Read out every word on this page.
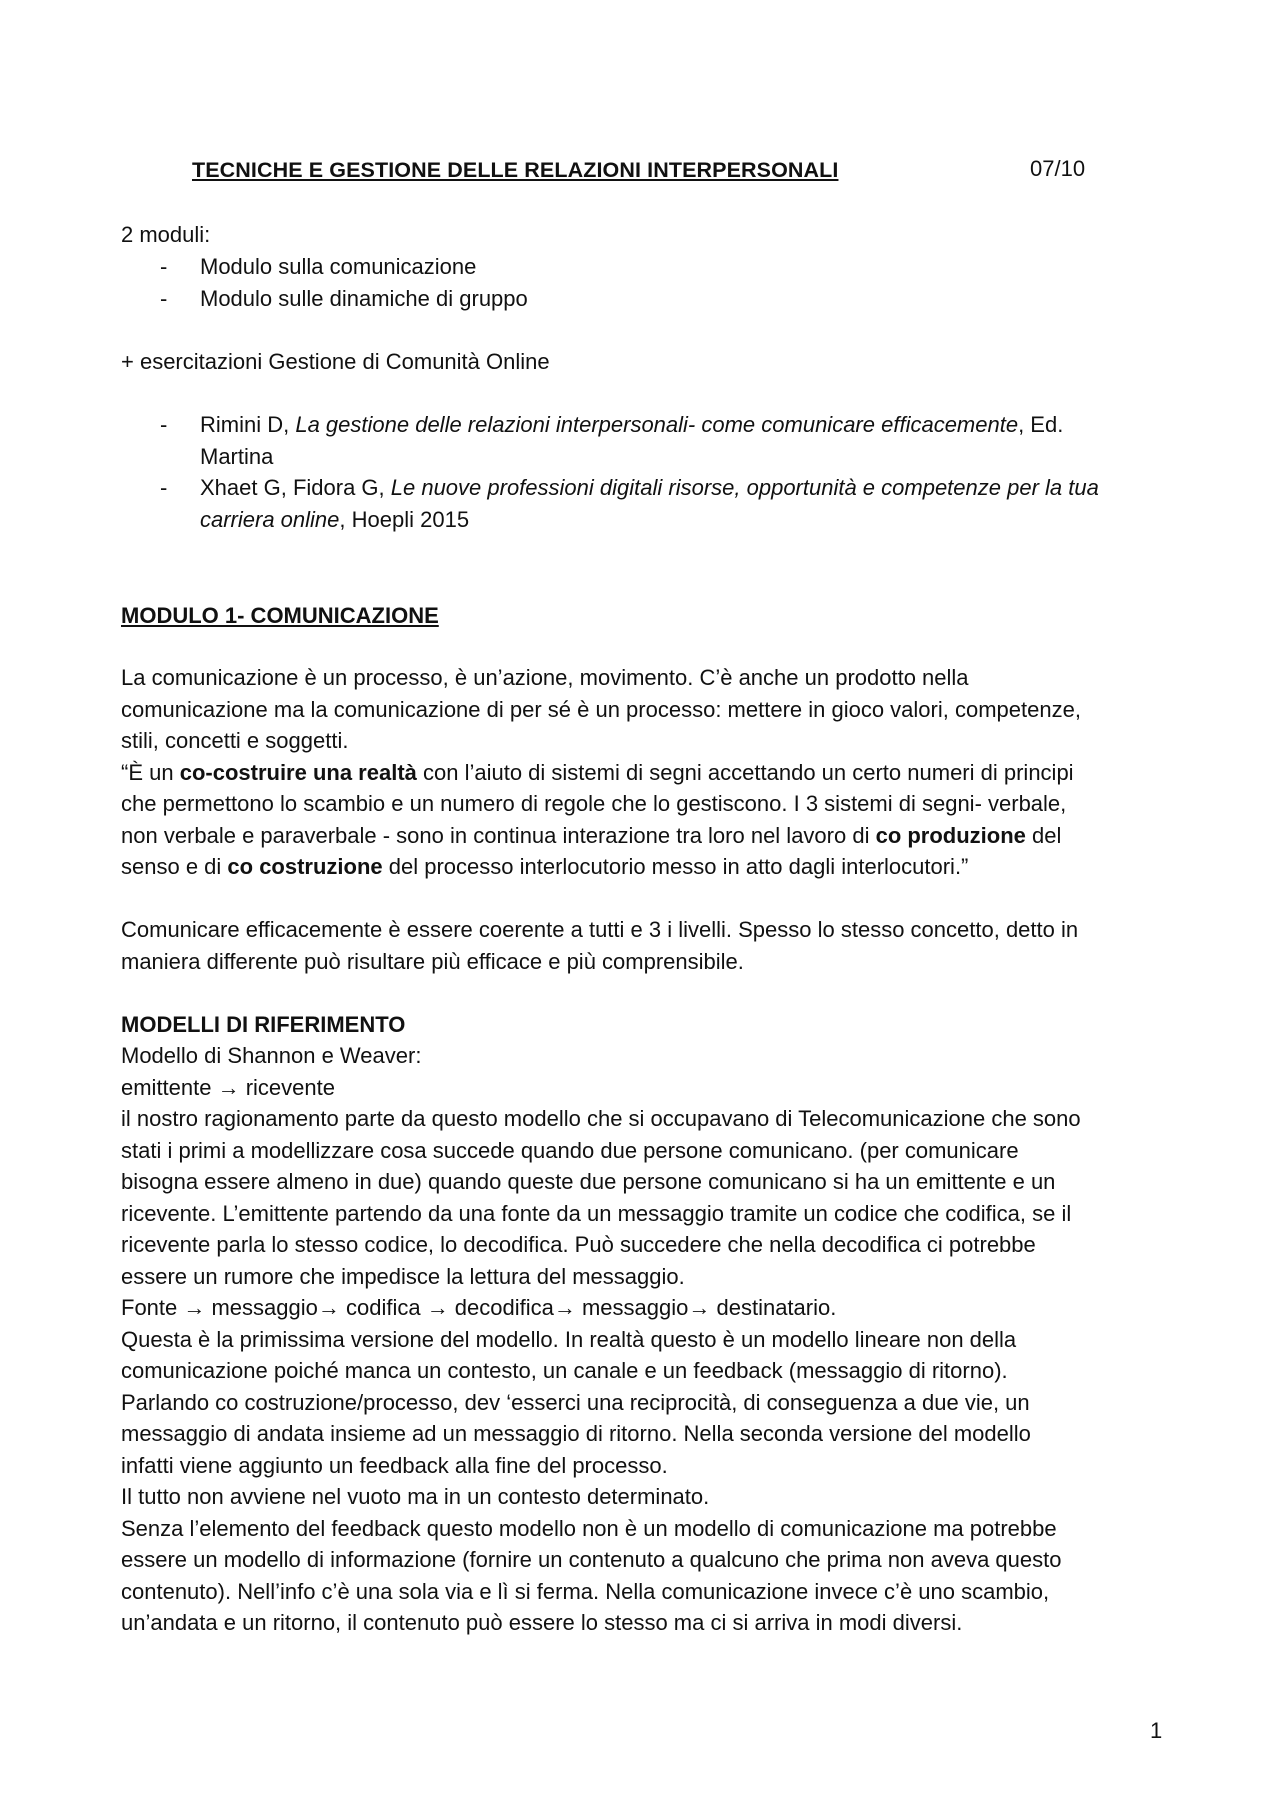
TECNICHE E GESTIONE DELLE RELAZIONI INTERPERSONALI	07/10
2 moduli:
-	Modulo sulla comunicazione
-	Modulo sulle dinamiche di gruppo
+ esercitazioni Gestione di Comunità Online
-	Rimini D, La gestione delle relazioni interpersonali- come comunicare efficacemente, Ed.
Martina
-	Xhaet G, Fidora G, Le nuove professioni digitali risorse, opportunità e competenze per la tua
carriera online, Hoepli 2015
MODULO 1- COMUNICAZIONE
La comunicazione è un processo, è un’azione, movimento. C’è anche un prodotto nella
comunicazione ma la comunicazione di per sé è un processo: mettere in gioco valori, competenze,
stili, concetti e soggetti.
“È un co-costruire una realtà con l’aiuto di sistemi di segni accettando un certo numeri di principi
che permettono lo scambio e un numero di regole che lo gestiscono. I 3 sistemi di segni- verbale,
non verbale e paraverbale - sono in continua interazione tra loro nel lavoro di co produzione del
senso e di co costruzione del processo interlocutorio messo in atto dagli interlocutori.”
Comunicare efficacemente è essere coerente a tutti e 3 i livelli. Spesso lo stesso concetto, detto in
maniera differente può risultare più efficace e più comprensibile.
MODELLI DI RIFERIMENTO
Modello di Shannon e Weaver:
emittente → ricevente
il nostro ragionamento parte da questo modello che si occupavano di Telecomunicazione che sono
stati i primi a modellizzare cosa succede quando due persone comunicano. (per comunicare
bisogna essere almeno in due) quando queste due persone comunicano si ha un emittente e un
ricevente. L’emittente partendo da una fonte da un messaggio tramite un codice che codifica, se il
ricevente parla lo stesso codice, lo decodifica. Può succedere che nella decodifica ci potrebbe
essere un rumore che impedisce la lettura del messaggio.
Fonte → messaggio→ codifica → decodifica→ messaggio→ destinatario.
Questa è la primissima versione del modello. In realtà questo è un modello lineare non della
comunicazione poiché manca un contesto, un canale e un feedback (messaggio di ritorno).
Parlando co costruzione/processo, dev ‘esserci una reciprocità, di conseguenza a due vie, un
messaggio di andata insieme ad un messaggio di ritorno. Nella seconda versione del modello
infatti viene aggiunto un feedback alla fine del processo.
Il tutto non avviene nel vuoto ma in un contesto determinato.
Senza l’elemento del feedback questo modello non è un modello di comunicazione ma potrebbe
essere un modello di informazione (fornire un contenuto a qualcuno che prima non aveva questo
contenuto). Nell’info c’è una sola via e lì si ferma. Nella comunicazione invece c’è uno scambio,
un’andata e un ritorno, il contenuto può essere lo stesso ma ci si arriva in modi diversi.
1
